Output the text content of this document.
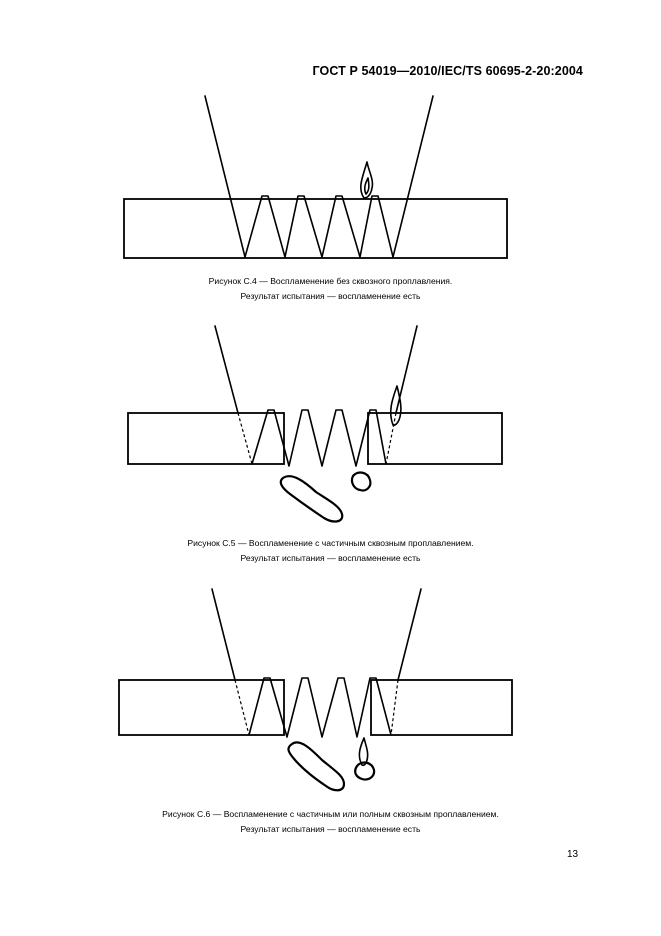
ГОСТ Р 54019—2010/IEC/TS 60695-2-20:2004
Рисунок С.4 — Воспламенение без сквозного проплавления.
Результат испытания — воспламенение есть
Рисунок С.5 — Воспламенение с частичным сквозным проплавлением.
Результат испытания — воспламенение есть
Рисунок С.6 — Воспламенение с частичным или полным сквозным проплавлением.
Результат испытания — воспламенение есть
13
